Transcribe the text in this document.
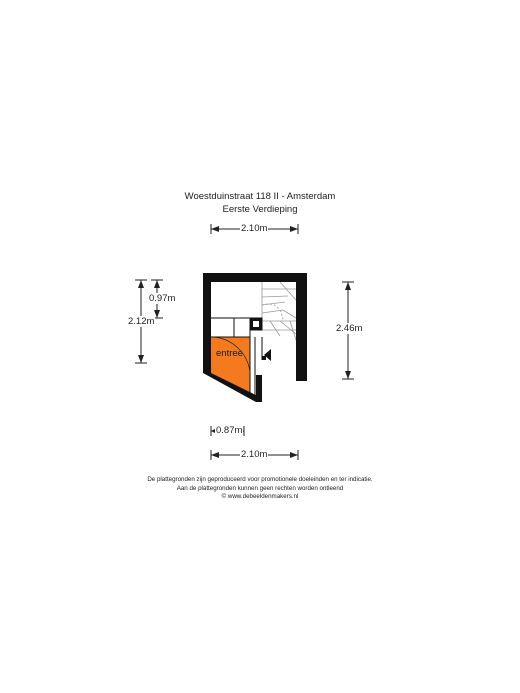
Woestduinstraat 118 II - Amsterdam
Eerste Verdieping
2.10m
0.97m
2.12m
2.46m
0.87m
2.10m
entree
De plattegronden zijn geproduceerd voor promotionele doeleinden en ter indicatie.
Aan de plattegronden kunnen geen rechten worden ontleend
© www.debeeldenmakers.nl
